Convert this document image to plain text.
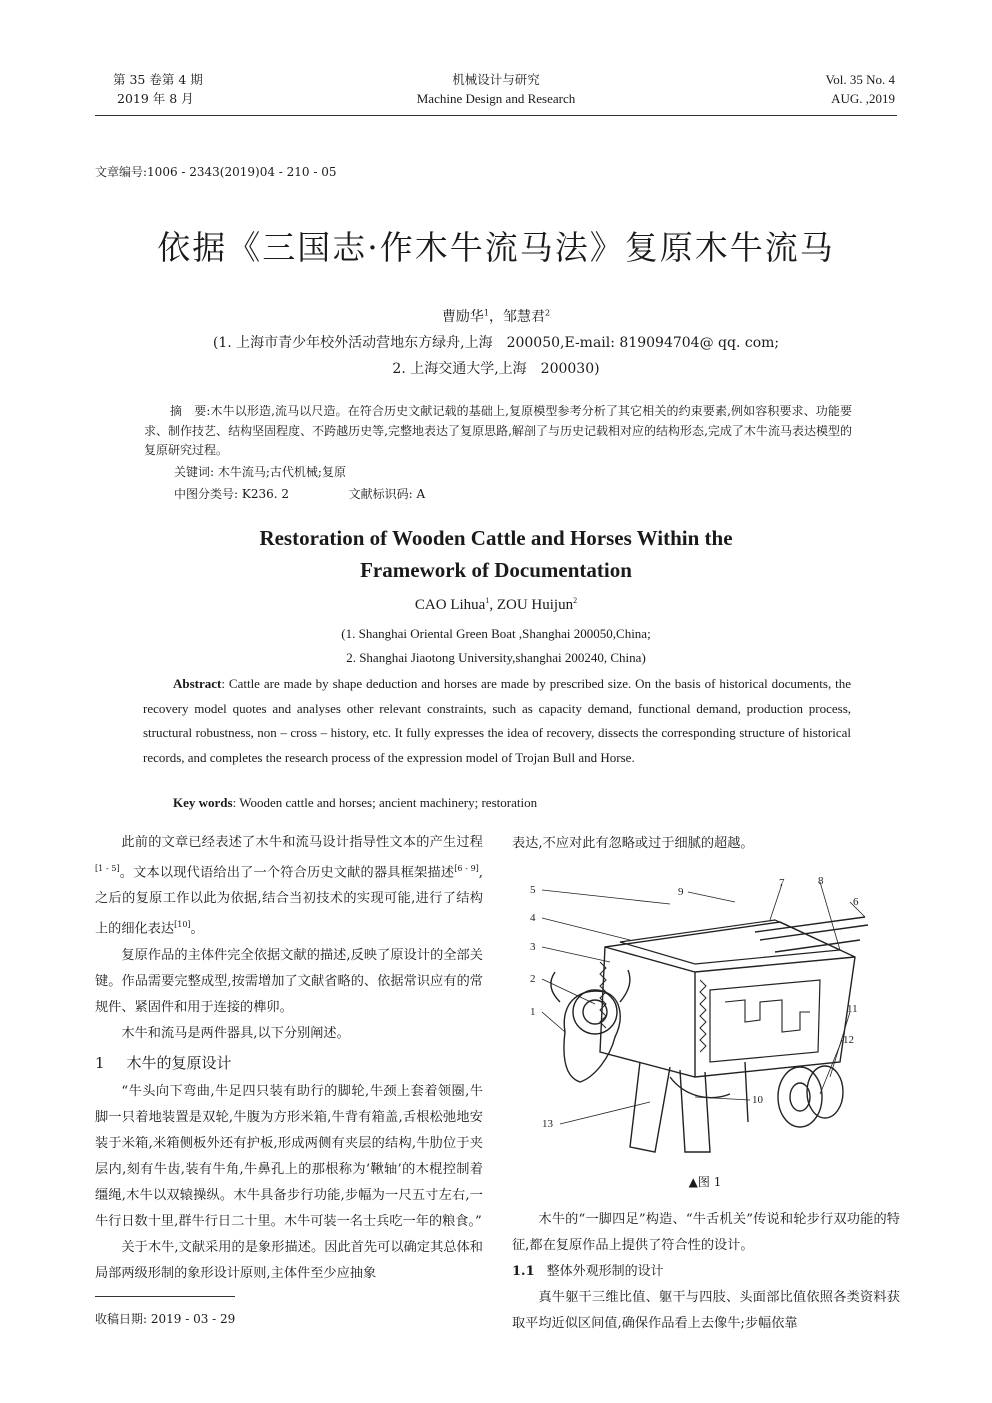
第 35 卷第 4 期
2019 年 8 月
机械设计与研究
Machine Design and Research
Vol. 35 No. 4
AUG. ,2019
文章编号:1006 - 2343(2019)04 - 210 - 05
依据《三国志·作木牛流马法》复原木牛流马
曹励华$^1$，邹慧君$^2$
(1. 上海市青少年校外活动营地东方绿舟,上海　200050,E-mail: 819094704@ qq. com;
2. 上海交通大学,上海　200030)
摘　要:木牛以形造,流马以尺造。在符合历史文献记载的基础上,复原模型参考分析了其它相关的约束要素,例如容积要求、功能要求、制作技艺、结构坚固程度、不跨越历史等,完整地表达了复原思路,解剖了与历史记载相对应的结构形态,完成了木牛流马表达模型的复原研究过程。
关键词: 木牛流马;古代机械;复原
中图分类号: K236. 2	文献标识码: A
Restoration of Wooden Cattle and Horses Within the
Framework of Documentation
CAO Lihua$^1$, ZOU Huijun$^2$
(1. Shanghai Oriental Green Boat ,Shanghai 200050,China;
2. Shanghai Jiaotong University,shanghai 200240, China)
Abstract: Cattle are made by shape deduction and horses are made by prescribed size. On the basis of historical documents, the recovery model quotes and analyses other relevant constraints, such as capacity demand, functional demand, production process, structural robustness, non – cross – history, etc. It fully expresses the idea of recovery, dissects the corresponding structure of historical records, and completes the research process of the expression model of Trojan Bull and Horse.
Key words: Wooden cattle and horses; ancient machinery; restoration

此前的文章已经表述了木牛和流马设计指导性文本的产生过程[1 - 5]。文本以现代语给出了一个符合历史文献的器具框架描述[6 - 9],之后的复原工作以此为依据,结合当初技术的实现可能,进行了结构上的细化表达[10]。

复原作品的主体件完全依据文献的描述,反映了原设计的全部关键。作品需要完整成型,按需增加了文献省略的、依据常识应有的常规件、紧固件和用于连接的榫卯。

木牛和流马是两件器具,以下分别阐述。

1 木牛的复原设计

“牛头向下弯曲,牛足四只装有助行的脚轮,牛颈上套着领圈,牛脚一只着地装置是双轮,牛腹为方形米箱,牛背有箱盖,舌根松弛地安装于米箱,米箱侧板外还有护板,形成两侧有夹层的结构,牛肋位于夹层内,刻有牛齿,装有牛角,牛鼻孔上的那根称为‘鞦轴’的木棍控制着缰绳,木牛以双辕操纵。木牛具备步行功能,步幅为一尺五寸左右,一牛行日数十里,群牛行日二十里。木牛可装一名士兵吃一年的粮食。”

关于木牛,文献采用的是象形描述。因此首先可以确定其总体和局部两级形制的象形设计原则,主体件至少应抽象

表达,不应对此有忽略或过于细腻的超越。
5
4
3
2
1
9
7	8
6
11
12
10
13
▲图 1

木牛的“一脚四足”构造、“牛舌机关”传说和轮步行双功能的特征,都在复原作品上提供了符合性的设计。

1.1 整体外观形制的设计

真牛躯干三维比值、躯干与四肢、头面部比值依照各类资料获取平均近似区间值,确保作品看上去像牛;步幅依靠

收稿日期: 2019 - 03 - 29
